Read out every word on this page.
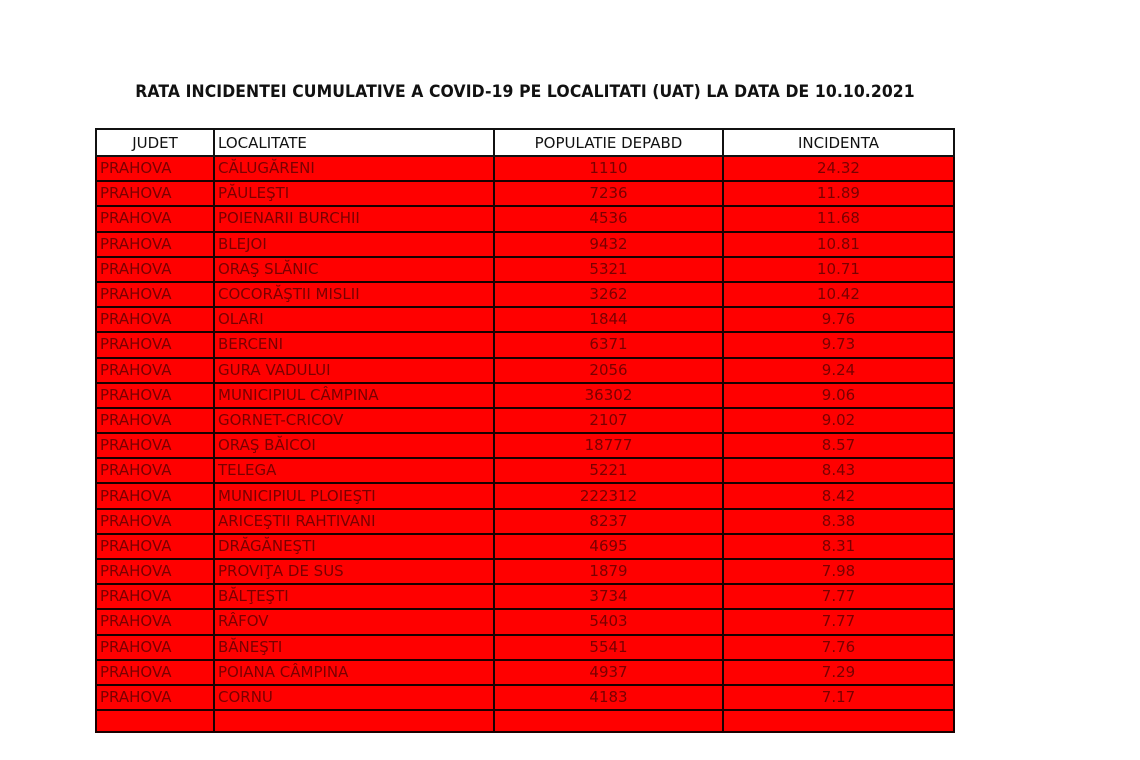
RATA INCIDENTEI CUMULATIVE A COVID-19 PE LOCALITATI (UAT) LA DATA DE 10.10.2021
JUDET	LOCALITATE	POPULATIE DEPABD	INCIDENTA
PRAHOVA	CĂLUGĂRENI	1110	24.32
PRAHOVA	PĂULEŞTI	7236	11.89
PRAHOVA	POIENARII BURCHII	4536	11.68
PRAHOVA	BLEJOI	9432	10.81
PRAHOVA	ORAŞ SLĂNIC	5321	10.71
PRAHOVA	COCORĂŞTII MISLII	3262	10.42
PRAHOVA	OLARI	1844	9.76
PRAHOVA	BERCENI	6371	9.73
PRAHOVA	GURA VADULUI	2056	9.24
PRAHOVA	MUNICIPIUL CÂMPINA	36302	9.06
PRAHOVA	GORNET-CRICOV	2107	9.02
PRAHOVA	ORAŞ BĂICOI	18777	8.57
PRAHOVA	TELEGA	5221	8.43
PRAHOVA	MUNICIPIUL PLOIEŞTI	222312	8.42
PRAHOVA	ARICEŞTII RAHTIVANI	8237	8.38
PRAHOVA	DRĂGĂNEŞTI	4695	8.31
PRAHOVA	PROVIŢA DE SUS	1879	7.98
PRAHOVA	BĂLŢEŞTI	3734	7.77
PRAHOVA	RÂFOV	5403	7.77
PRAHOVA	BĂNEŞTI	5541	7.76
PRAHOVA	POIANA CÂMPINA	4937	7.29
PRAHOVA	CORNU	4183	7.17
